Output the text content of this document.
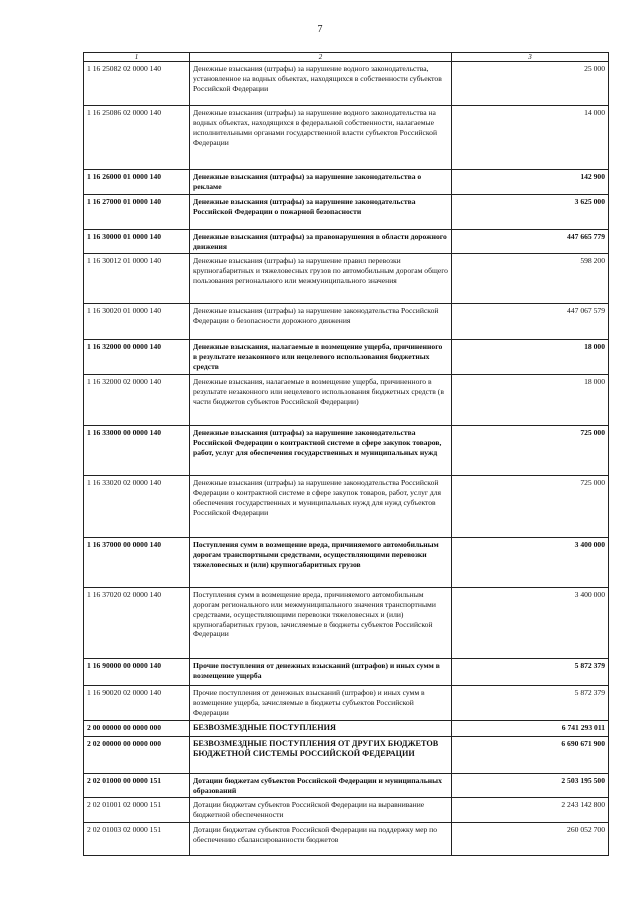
7
1	2	3
1 16 25082 02 0000 140	Денежные взыскания (штрафы) за нарушение водного законодательства, установленное на водных объектах, находящихся в собственности субъектов Российской Федерации	25 000
1 16 25086 02 0000 140	Денежные взыскания (штрафы) за нарушение водного законодательства на водных объектах, находящихся в федеральной собственности, налагаемые исполнительными органами государственной власти субъектов Российской Федерации	14 000
1 16 26000 01 0000 140	Денежные взыскания (штрафы) за нарушение законодательства о рекламе	142 900
1 16 27000 01 0000 140	Денежные взыскания (штрафы) за нарушение законодательства Российской Федерации о пожарной безопасности	3 625 000
1 16 30000 01 0000 140	Денежные взыскания (штрафы) за правонарушения в области дорожного движения	447 665 779
1 16 30012 01 0000 140	Денежные взыскания (штрафы) за нарушение правил перевозки крупногабаритных и тяжеловесных грузов по автомобильным дорогам общего пользования регионального или межмуниципального значения	598 200
1 16 30020 01 0000 140	Денежные взыскания (штрафы) за нарушение законодательства Российской Федерации о безопасности дорожного движения	447 067 579
1 16 32000 00 0000 140	Денежные взыскания, налагаемые в возмещение ущерба, причиненного в результате незаконного или нецелевого использования бюджетных средств	18 000
1 16 32000 02 0000 140	Денежные взыскания, налагаемые в возмещение ущерба, причиненного в результате незаконного или нецелевого использования бюджетных средств (в части бюджетов субъектов Российской Федерации)	18 000
1 16 33000 00 0000 140	Денежные взыскания (штрафы) за нарушение законодательства Российской Федерации о контрактной системе в сфере закупок товаров, работ, услуг для обеспечения государственных и муниципальных нужд	725 000
1 16 33020 02 0000 140	Денежные взыскания (штрафы) за нарушение законодательства Российской Федерации о контрактной системе в сфере закупок товаров, работ, услуг для обеспечения государственных и муниципальных нужд для нужд субъектов Российской Федерации	725 000
1 16 37000 00 0000 140	Поступления сумм в возмещение вреда, причиняемого автомобильным дорогам транспортными средствами, осуществляющими перевозки тяжеловесных и (или) крупногабаритных грузов	3 400 000
1 16 37020 02 0000 140	Поступления сумм в возмещение вреда, причиняемого автомобильным дорогам регионального или межмуниципального значения транспортными средствами, осуществляющими перевозки тяжеловесных и (или) крупногабаритных грузов, зачисляемые в бюджеты субъектов Российской Федерации	3 400 000
1 16 90000 00 0000 140	Прочие поступления от денежных взысканий (штрафов) и иных сумм в возмещение ущерба	5 872 379
1 16 90020 02 0000 140	Прочие поступления от денежных взысканий (штрафов) и иных сумм в возмещение ущерба, зачисляемые в бюджеты субъектов Российской Федерации	5 872 379
2 00 00000 00 0000 000	БЕЗВОЗМЕЗДНЫЕ ПОСТУПЛЕНИЯ	6 741 293 011
2 02 00000 00 0000 000	БЕЗВОЗМЕЗДНЫЕ ПОСТУПЛЕНИЯ ОТ ДРУГИХ БЮДЖЕТОВ БЮДЖЕТНОЙ СИСТЕМЫ РОССИЙСКОЙ ФЕДЕРАЦИИ	6 690 671 900
2 02 01000 00 0000 151	Дотации бюджетам субъектов Российской Федерации и муниципальных образований	2 503 195 500
2 02 01001 02 0000 151	Дотации бюджетам субъектов Российской Федерации на выравнивание бюджетной обеспеченности	2 243 142 800
2 02 01003 02 0000 151	Дотации бюджетам субъектов Российской Федерации на поддержку мер по обеспечению сбалансированности бюджетов	260 052 700
